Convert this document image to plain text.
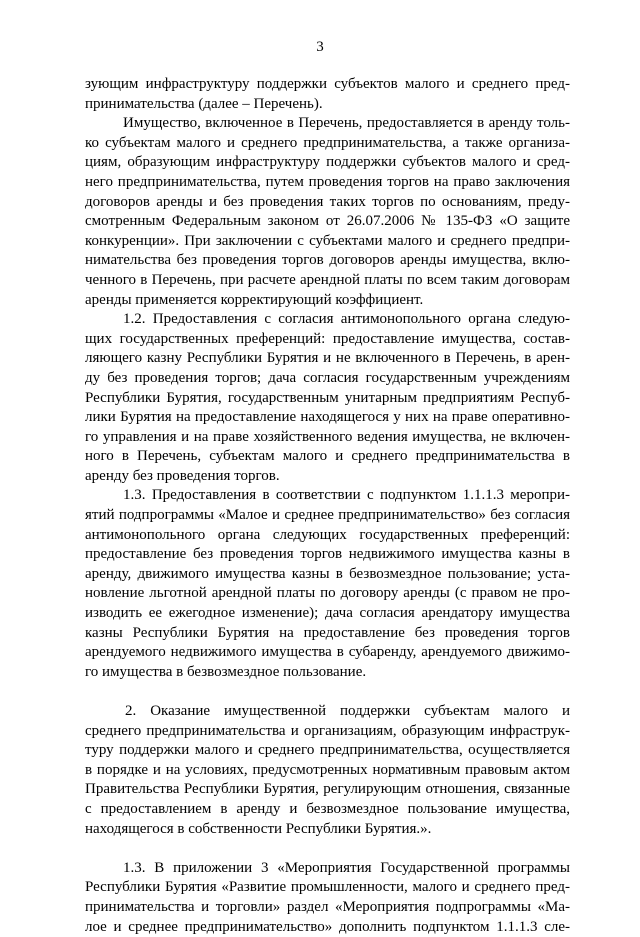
3
зующим инфраструктуру поддержки субъектов малого и среднего пред-
принимательства (далее – Перечень).
Имущество, включенное в Перечень, предоставляется в аренду толь-
ко субъектам малого и среднего предпринимательства, а также организа-
циям, образующим инфраструктуру поддержки субъектов малого и сред-
него предпринимательства, путем проведения торгов на право заключения
договоров аренды и без проведения таких торгов по основаниям, преду-
смотренным Федеральным законом от 26.07.2006 № 135-ФЗ «О защите
конкуренции». При заключении с субъектами малого и среднего предпри-
нимательства без проведения торгов договоров аренды имущества, вклю-
ченного в Перечень, при расчете арендной платы по всем таким договорам
аренды применяется корректирующий коэффициент.
1.2. Предоставления с согласия антимонопольного органа следую-
щих государственных преференций: предоставление имущества, состав-
ляющего казну Республики Бурятия и не включенного в Перечень, в арен-
ду без проведения торгов; дача согласия государственным учреждениям
Республики Бурятия, государственным унитарным предприятиям Респуб-
лики Бурятия на предоставление находящегося у них на праве оперативно-
го управления и на праве хозяйственного ведения имущества, не включен-
ного в Перечень, субъектам малого и среднего предпринимательства в
аренду без проведения торгов.
1.3. Предоставления в соответствии с подпунктом 1.1.1.3 меропри-
ятий подпрограммы «Малое и среднее предпринимательство» без согласия
антимонопольного органа следующих государственных преференций:
предоставление без проведения торгов недвижимого имущества казны в
аренду, движимого имущества казны в безвозмездное пользование; уста-
новление льготной арендной платы по договору аренды (с правом не про-
изводить ее ежегодное изменение); дача согласия арендатору имущества
казны Республики Бурятия на предоставление без проведения торгов
арендуемого недвижимого имущества в субаренду, арендуемого движимо-
го имущества в безвозмездное пользование.
2. Оказание имущественной поддержки субъектам малого и
среднего предпринимательства и организациям, образующим инфраструк-
туру поддержки малого и среднего предпринимательства, осуществляется
в порядке и на условиях, предусмотренных нормативным правовым актом
Правительства Республики Бурятия, регулирующим отношения, связанные
с предоставлением в аренду и безвозмездное пользование имущества,
находящегося в собственности Республики Бурятия.».
1.3. В приложении 3 «Мероприятия Государственной программы
Республики Бурятия «Развитие промышленности, малого и среднего пред-
принимательства и торговли» раздел «Мероприятия подпрограммы «Ма-
лое и среднее предпринимательство» дополнить подпунктом 1.1.1.3 сле-
